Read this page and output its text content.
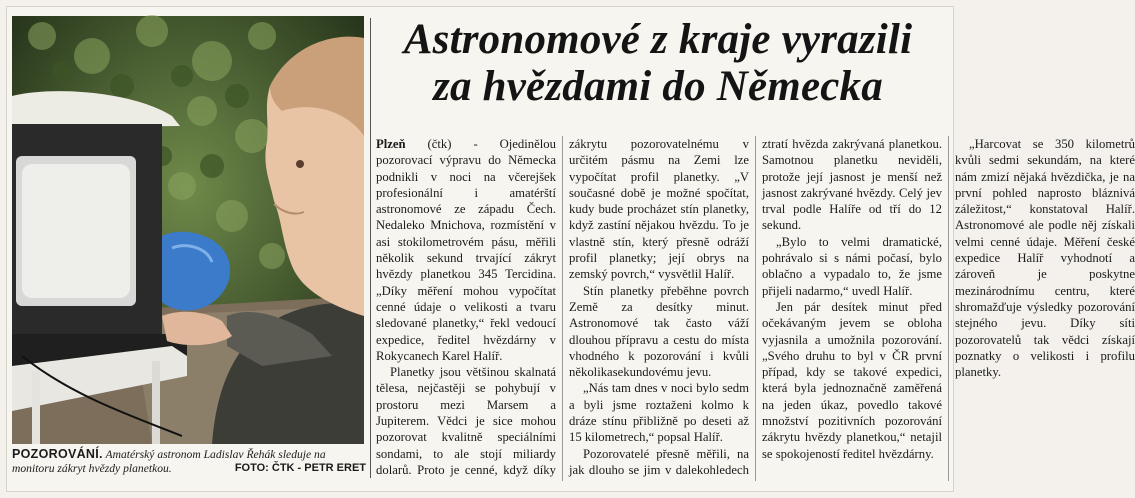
POZOROVÁNÍ. Amatérský astronom Ladislav Řehák sleduje na monitoru zákryt hvězdy planetkou.	FOTO: ČTK - PETR ERET
Astronomové z kraje vyrazili
za hvězdami do Německa

Plzeň (čtk) - Ojedinělou pozorovací výpravu do Německa podnikli v noci na včerejšek profesionální i amatérští astronomové ze západu Čech. Nedaleko Mnichova, rozmístění v asi stokilometrovém pásu, měřili několik sekund trvající zákryt hvězdy planetkou 345 Tercidina. „Díky měření mohou vypočítat cenné údaje o velikosti a tvaru sledované planetky,“ řekl vedoucí expedice, ředitel hvězdárny v Rokycanech Karel Halíř.

Planetky jsou většinou skalnatá tělesa, nejčastěji se pohybují v prostoru mezi Marsem a Jupiterem. Vědci je sice mohou pozorovat kvalitně speciálními sondami, to ale stojí miliardy dolarů. Proto je cenné, když díky zákrytu pozorovatelnému v určitém pásmu na Zemi lze vypočítat profil planetky. „V současné době je možné spočítat, kudy bude procházet stín planetky, když zastíní nějakou hvězdu. To je vlastně stín, který přesně odráží profil planetky; její obrys na zemský povrch,“ vysvětlil Halíř.

Stín planetky přeběhne povrch Země za desítky minut. Astronomové tak často váží dlouhou přípravu a cestu do místa vhodného k pozorování i kvůli několikasekundovému jevu.

„Nás tam dnes v noci bylo sedm a byli jsme roztaženi kolmo k dráze stínu přibližně po deseti až 15 kilometrech,“ popsal Halíř.

Pozorovatelé přesně měřili, na jak dlouho se jim v dalekohledech ztratí hvězda zakrývaná planetkou. Samotnou planetku neviděli, protože její jasnost je menší než jasnost zakrývané hvězdy. Celý jev trval podle Halíře od tří do 12 sekund.

„Bylo to velmi dramatické, pohrávalo si s námi počasí, bylo oblačno a vypadalo to, že jsme přijeli nadarmo,“ uvedl Halíř.

Jen pár desítek minut před očekávaným jevem se obloha vyjasnila a umožnila pozorování. „Svého druhu to byl v ČR první případ, kdy se takové expedici, která byla jednoznačně zaměřená na jeden úkaz, povedlo takové množství pozitivních pozorování zákrytu hvězdy planetkou,“ netajil se spokojeností ředitel hvězdárny.

„Harcovat se 350 kilometrů kvůli sedmi sekundám, na které nám zmizí nějaká hvězdička, je na první pohled naprosto bláznivá záležitost,“ konstatoval Halíř. Astronomové ale podle něj získali velmi cenné údaje. Měření české expedice Halíř vyhodnotí a zároveň je poskytne mezinárodnímu centru, které shromažďuje výsledky pozorování stejného jevu. Díky síti pozorovatelů tak vědci získají poznatky o velikosti i profilu planetky.
